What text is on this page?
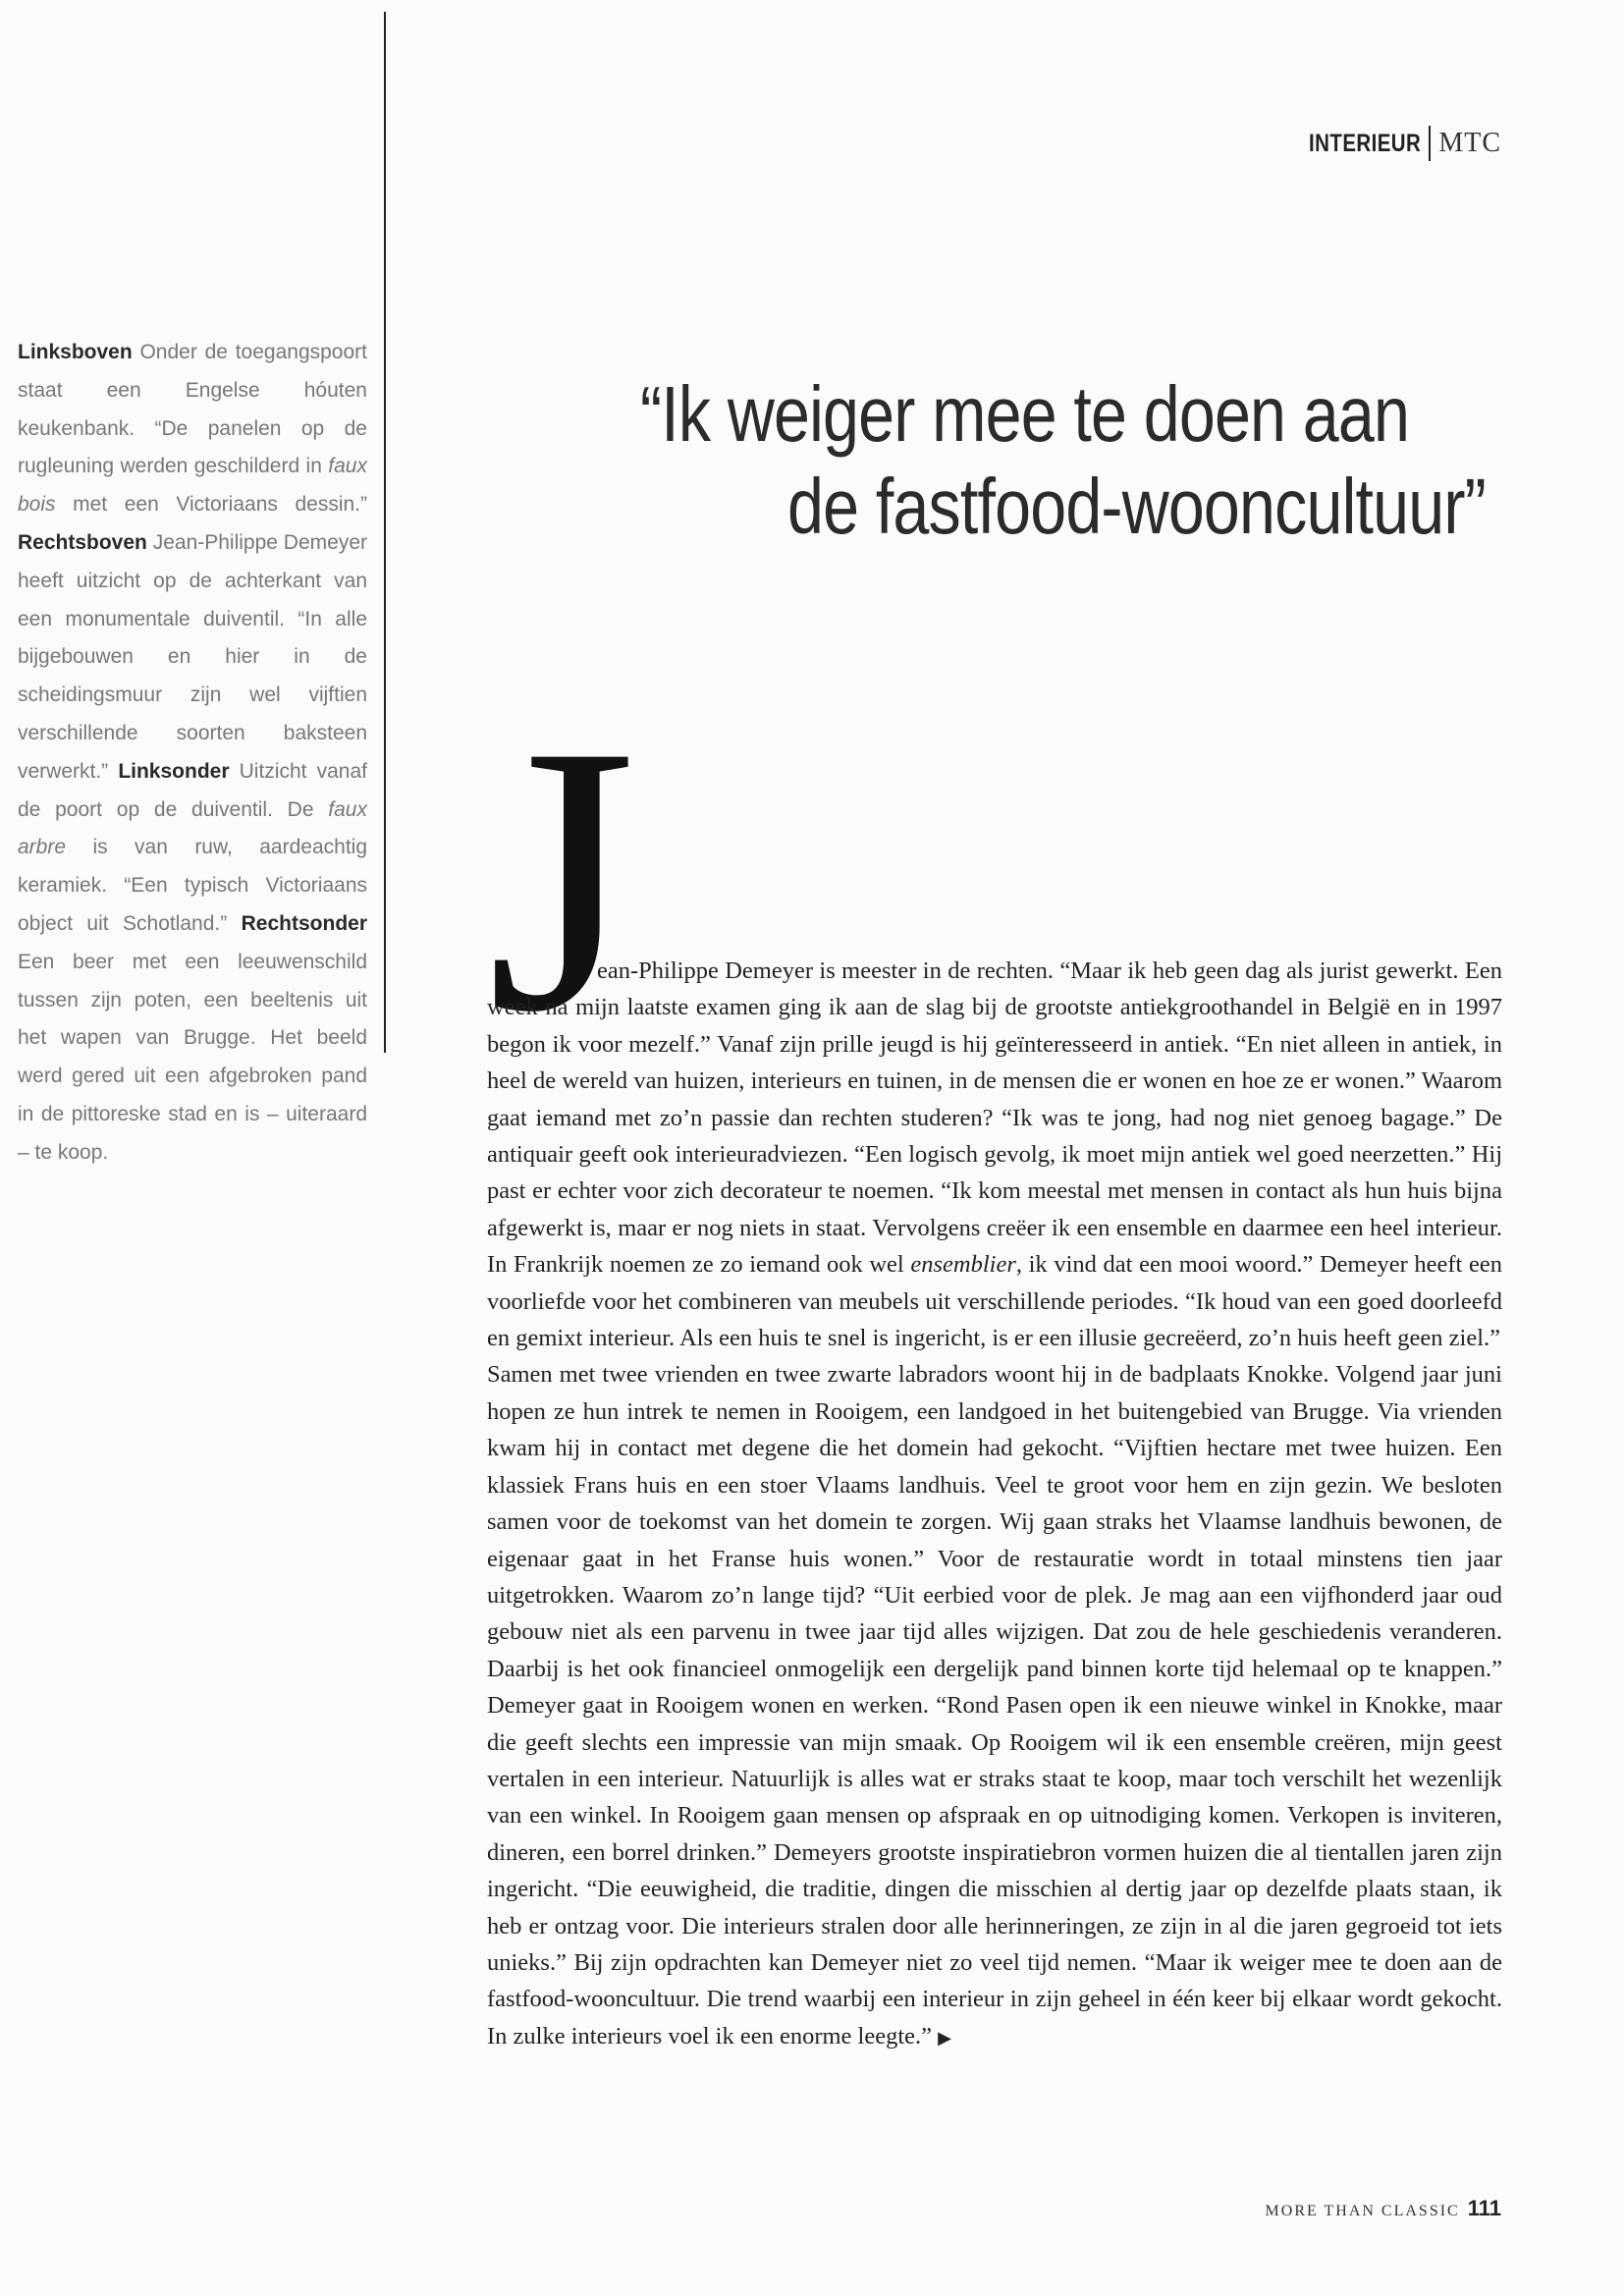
INTERIEUR MTC
Linksboven Onder de toegangspoort staat een Engelse hóuten keukenbank. “De panelen op de rugleuning werden geschilderd in faux bois met een Victoriaans dessin.” Rechtsboven Jean-Philippe Demeyer heeft uitzicht op de achterkant van een monumentale duiventil. “In alle bijgebouwen en hier in de scheidingsmuur zijn wel vijftien verschillende soorten baksteen verwerkt.” Linksonder Uitzicht vanaf de poort op de duiventil. De faux arbre is van ruw, aardeachtig keramiek. “Een typisch Victoriaans object uit Schotland.” Rechtsonder Een beer met een leeuwenschild tussen zijn poten, een beeltenis uit het wapen van Brugge. Het beeld werd gered uit een afgebroken pand in de pittoreske stad en is – uiteraard – te koop.
“Ik weiger mee te doen aan
de fastfood-wooncultuur”
J

ean-Philippe Demeyer is meester in de rechten. “Maar ik heb geen dag als jurist gewerkt. Een week na mijn laatste examen ging ik aan de slag bij de grootste antiekgroothandel in België en in 1997 begon ik voor mezelf.” Vanaf zijn prille jeugd is hij geïnteresseerd in antiek. “En niet alleen in antiek, in heel de wereld van huizen, interieurs en tuinen, in de mensen die er wonen en hoe ze er wonen.” Waarom gaat iemand met zo’n passie dan rechten studeren? “Ik was te jong, had nog niet genoeg bagage.” De antiquair geeft ook interieuradviezen. “Een logisch gevolg, ik moet mijn antiek wel goed neerzetten.” Hij past er echter voor zich decorateur te noemen. “Ik kom meestal met mensen in contact als hun huis bijna afgewerkt is, maar er nog niets in staat. Vervolgens creëer ik een ensemble en daarmee een heel interieur. In Frankrijk noemen ze zo iemand ook wel ensemblier, ik vind dat een mooi woord.” Demeyer heeft een voorliefde voor het combineren van meubels uit verschillende periodes. “Ik houd van een goed doorleefd en gemixt interieur. Als een huis te snel is ingericht, is er een illusie gecreëerd, zo’n huis heeft geen ziel.”

Samen met twee vrienden en twee zwarte labradors woont hij in de badplaats Knokke. Volgend jaar juni hopen ze hun intrek te nemen in Rooigem, een landgoed in het buitengebied van Brugge. Via vrienden kwam hij in contact met degene die het domein had gekocht. “Vijftien hectare met twee huizen. Een klassiek Frans huis en een stoer Vlaams landhuis. Veel te groot voor hem en zijn gezin. We besloten samen voor de toekomst van het domein te zorgen. Wij gaan straks het Vlaamse landhuis bewonen, de eigenaar gaat in het Franse huis wonen.” Voor de restauratie wordt in totaal minstens tien jaar uitgetrokken. Waarom zo’n lange tijd? “Uit eerbied voor de plek. Je mag aan een vijfhonderd jaar oud gebouw niet als een parvenu in twee jaar tijd alles wijzigen. Dat zou de hele geschiedenis veranderen. Daarbij is het ook financieel onmogelijk een dergelijk pand binnen korte tijd helemaal op te knappen.” Demeyer gaat in Rooigem wonen en werken. “Rond Pasen open ik een nieuwe winkel in Knokke, maar die geeft slechts een impressie van mijn smaak. Op Rooigem wil ik een ensemble creëren, mijn geest vertalen in een interieur. Natuurlijk is alles wat er straks staat te koop, maar toch verschilt het wezenlijk van een winkel. In Rooigem gaan mensen op afspraak en op uitnodiging komen. Verkopen is inviteren, dineren, een borrel drinken.” Demeyers grootste inspiratiebron vormen huizen die al tientallen jaren zijn ingericht. “Die eeuwigheid, die traditie, dingen die misschien al dertig jaar op dezelfde plaats staan, ik heb er ontzag voor. Die interieurs stralen door alle herinneringen, ze zijn in al die jaren gegroeid tot iets unieks.” Bij zijn opdrachten kan Demeyer niet zo veel tijd nemen. “Maar ik weiger mee te doen aan de fastfood-wooncultuur. Die trend waarbij een interieur in zijn geheel in één keer bij elkaar wordt gekocht. In zulke interieurs voel ik een enorme leegte.” ▶

MORE THAN CLASSIC 111
